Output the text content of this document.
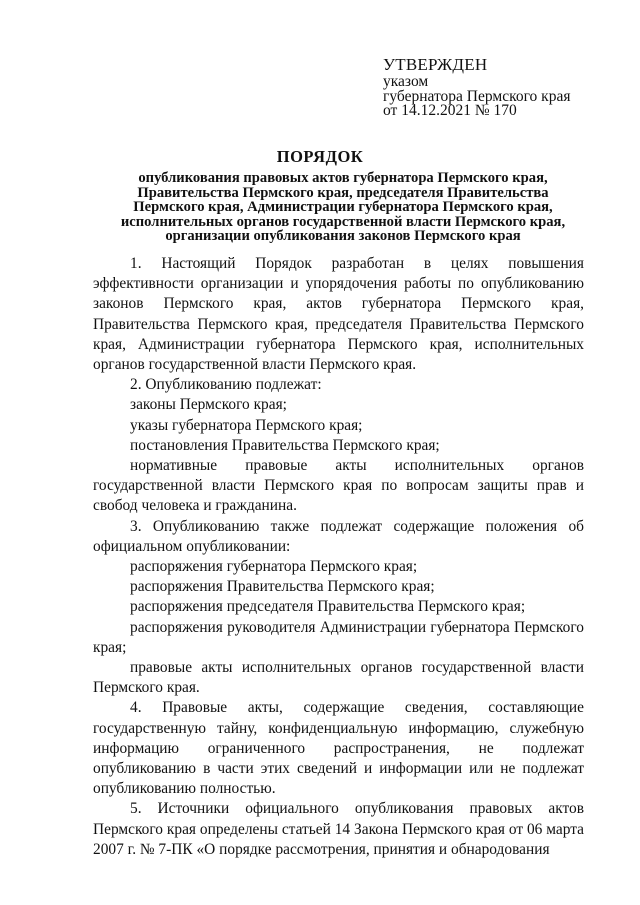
УТВЕРЖДЕН
указом
губернатора Пермского края
от 14.12.2021 № 170
ПОРЯДОК
опубликования правовых актов губернатора Пермского края,
Правительства Пермского края, председателя Правительства
Пермского края, Администрации губернатора Пермского края,
исполнительных органов государственной власти Пермского края,
организации опубликования законов Пермского края

1. Настоящий Порядок разработан в целях повышения эффективности организации и упорядочения работы по опубликованию законов Пермского края, актов губернатора Пермского края, Правительства Пермского края, председателя Правительства Пермского края, Администрации губернатора Пермского края, исполнительных органов государственной власти Пермского края.

2. Опубликованию подлежат:

законы Пермского края;

указы губернатора Пермского края;

постановления Правительства Пермского края;

нормативные правовые акты исполнительных органов государственной власти Пермского края по вопросам защиты прав и свобод человека и гражданина.

3. Опубликованию также подлежат содержащие положения об официальном опубликовании:

распоряжения губернатора Пермского края;

распоряжения Правительства Пермского края;

распоряжения председателя Правительства Пермского края;

распоряжения руководителя Администрации губернатора Пермского края;

правовые акты исполнительных органов государственной власти Пермского края.

4. Правовые акты, содержащие сведения, составляющие государственную тайну, конфиденциальную информацию, служебную информацию ограниченного распространения, не подлежат опубликованию в части этих сведений и информации или не подлежат опубликованию полностью.

5. Источники официального опубликования правовых актов Пермского края определены статьей 14 Закона Пермского края от 06 марта 2007 г. № 7-ПК «О порядке рассмотрения, принятия и обнародования
